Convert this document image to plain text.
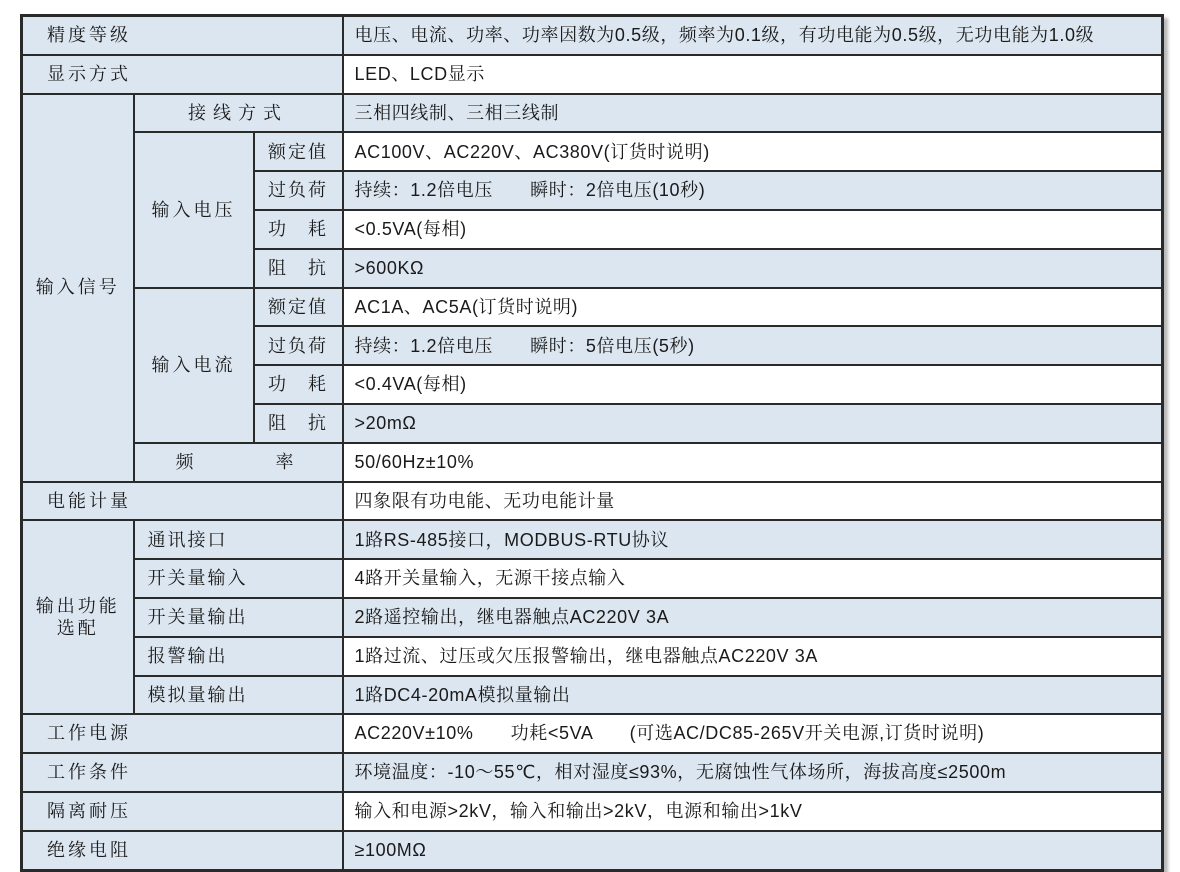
精度等级			电压、电流、功率、功率因数为0.5级，频率为0.1级，有功电能为0.5级，无功电能为1.0级
显示方式			LED、LCD显示
输入信号	接线方式		三相四线制、三相三线制
	输入电压	额定值	AC100V、AC220V、AC380V(订货时说明)
		过负荷	持续：1.2倍电压　　瞬时：2倍电压(10秒)
		功　耗	<0.5VA(每相)
		阻　抗	>600KΩ
	输入电流	额定值	AC1A、AC5A(订货时说明)
		过负荷	持续：1.2倍电压　　瞬时：5倍电压(5秒)
		功　耗	<0.4VA(每相)
		阻　抗	>20mΩ
	频　　　率		50/60Hz±10%
电能计量			四象限有功电能、无功电能计量

输出功能
选配	通讯接口		1路RS-485接口，MODBUS-RTU协议
	开关量输入		4路开关量输入，无源干接点输入
	开关量输出		2路遥控输出，继电器触点AC220V 3A
	报警输出		1路过流、过压或欠压报警输出，继电器触点AC220V 3A
	模拟量输出		1路DC4-20mA模拟量输出
工作电源			AC220V±10%　　功耗<5VA　　(可选AC/DC85-265V开关电源,订货时说明)
工作条件			环境温度：-10～55℃，相对湿度≤93%，无腐蚀性气体场所，海拔高度≤2500m
隔离耐压			输入和电源>2kV，输入和输出>2kV，电源和输出>1kV
绝缘电阻			≥100MΩ
